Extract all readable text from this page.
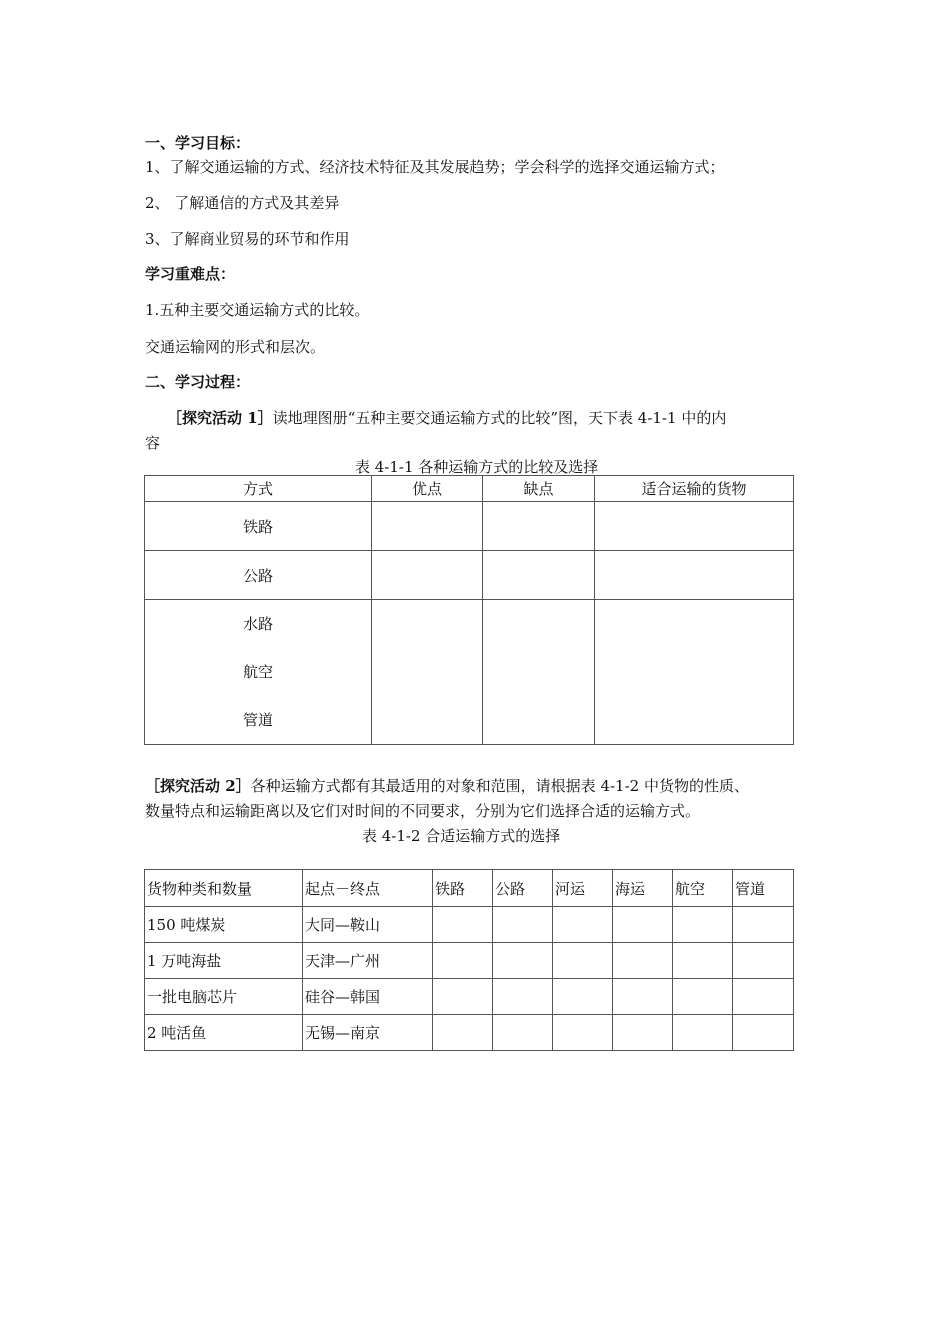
一、学习目标：
1、了解交通运输的方式、经济技术特征及其发展趋势；学会科学的选择交通运输方式；
2、 了解通信的方式及其差异
3、了解商业贸易的环节和作用
学习重难点：
1.五种主要交通运输方式的比较。
交通运输网的形式和层次。
二、学习过程：
［探究活动 1］读地理图册“五种主要交通运输方式的比较”图，天下表 4-1-1 中的内
容
表 4-1-1 各种运输方式的比较及选择
方式	优点	缺点	适合运输的货物
铁路			
公路			

水路
航空
管道			

［探究活动 2］各种运输方式都有其最适用的对象和范围，请根据表 4-1-2 中货物的性质、
数量特点和运输距离以及它们对时间的不同要求，分别为它们选择合适的运输方式。
表 4-1-2 合适运输方式的选择
货物种类和数量	起点－终点	铁路	公路	河运	海运	航空	管道
150 吨煤炭	大同—鞍山						
1 万吨海盐	天津—广州						
一批电脑芯片	硅谷—韩国						
2 吨活鱼	无锡—南京						
